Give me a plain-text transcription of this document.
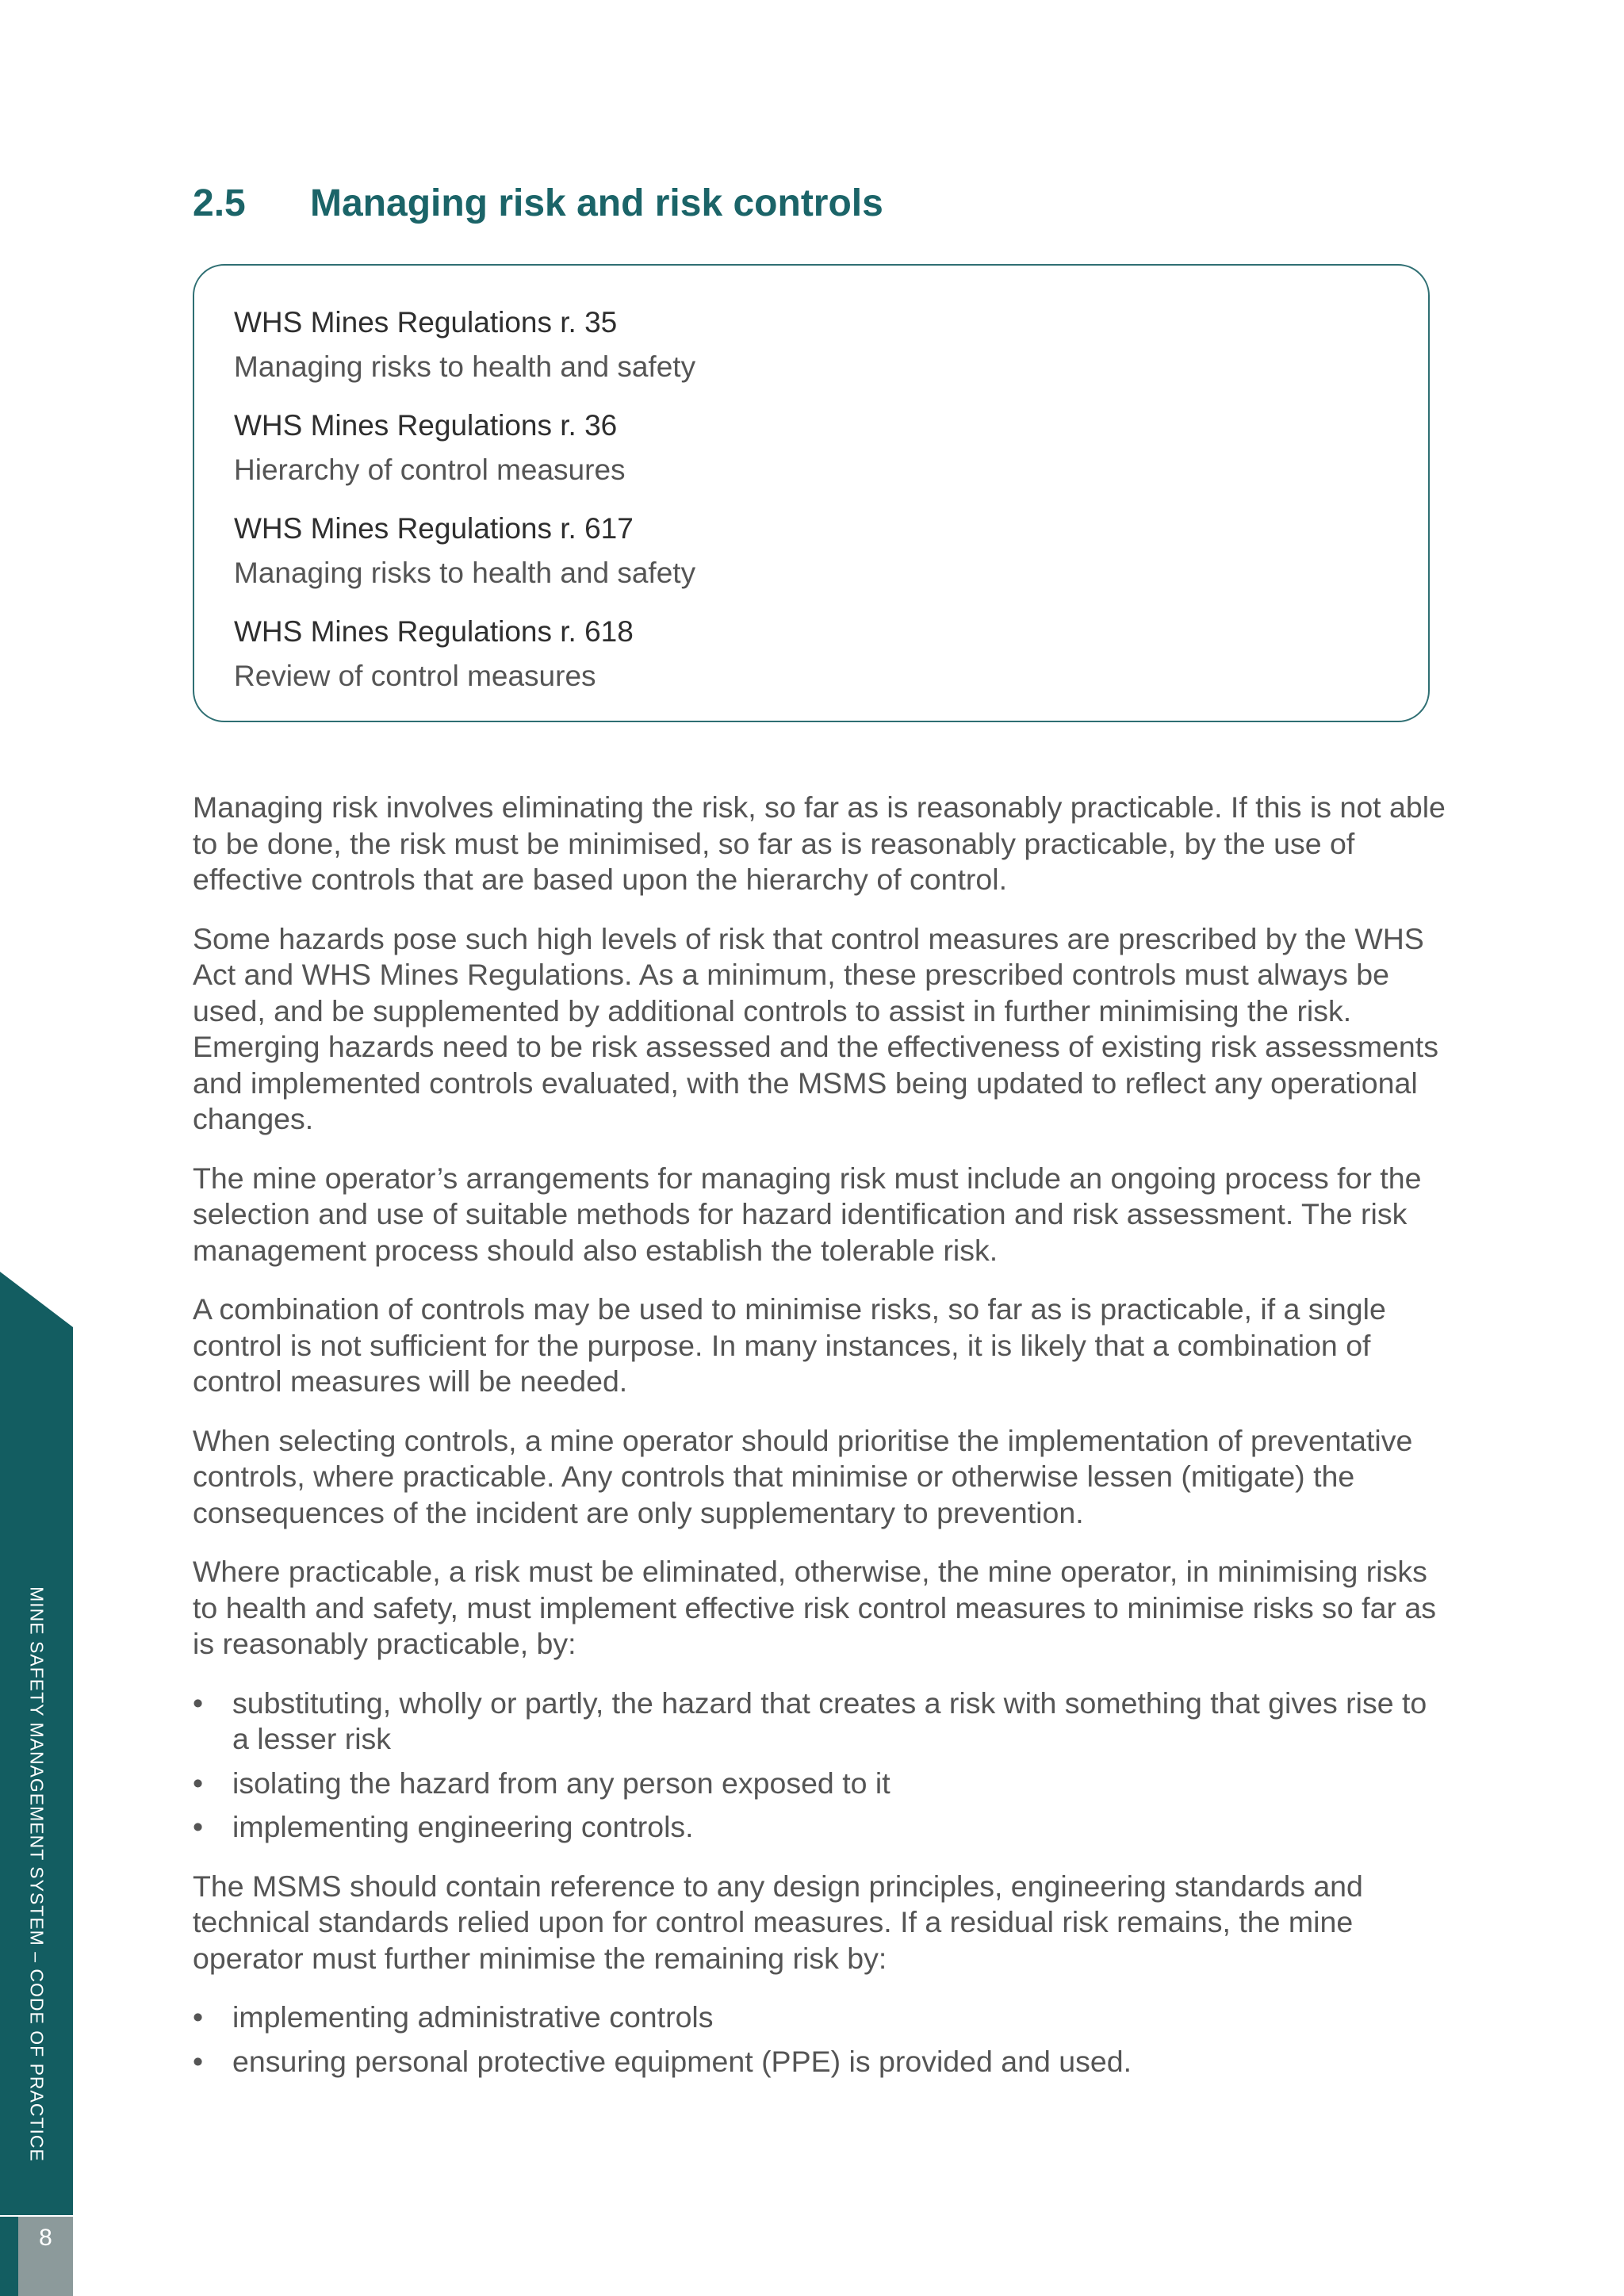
2.5 Managing risk and risk controls
WHS Mines Regulations r. 35
Managing risks to health and safety
WHS Mines Regulations r. 36
Hierarchy of control measures
WHS Mines Regulations r. 617
Managing risks to health and safety
WHS Mines Regulations r. 618
Review of control measures

Managing risk involves eliminating the risk, so far as is reasonably practicable. If this is not able to be done, the risk must be minimised, so far as is reasonably practicable, by the use of effective controls that are based upon the hierarchy of control.

Some hazards pose such high levels of risk that control measures are prescribed by the WHS Act and WHS Mines Regulations. As a minimum, these prescribed controls must always be used, and be supplemented by additional controls to assist in further minimising the risk. Emerging hazards need to be risk assessed and the effectiveness of existing risk assessments and implemented controls evaluated, with the MSMS being updated to reflect any operational changes.

The mine operator’s arrangements for managing risk must include an ongoing process for the selection and use of suitable methods for hazard identification and risk assessment. The risk management process should also establish the tolerable risk.

A combination of controls may be used to minimise risks, so far as is practicable, if a single control is not sufficient for the purpose. In many instances, it is likely that a combination of control measures will be needed.

When selecting controls, a mine operator should prioritise the implementation of preventative controls, where practicable. Any controls that minimise or otherwise lessen (mitigate) the consequences of the incident are only supplementary to prevention.

Where practicable, a risk must be eliminated, otherwise, the mine operator, in minimising risks to health and safety, must implement effective risk control measures to minimise risks so far as is reasonably practicable, by:

• substituting, wholly or partly, the hazard that creates a risk with something that gives rise to a lesser risk
• isolating the hazard from any person exposed to it
• implementing engineering controls.

The MSMS should contain reference to any design principles, engineering standards and technical standards relied upon for control measures. If a residual risk remains, the mine operator must further minimise the remaining risk by:

• implementing administrative controls
• ensuring personal protective equipment (PPE) is provided and used.
MINE SAFETY MANAGEMENT SYSTEM – CODE OF PRACTICE
8
